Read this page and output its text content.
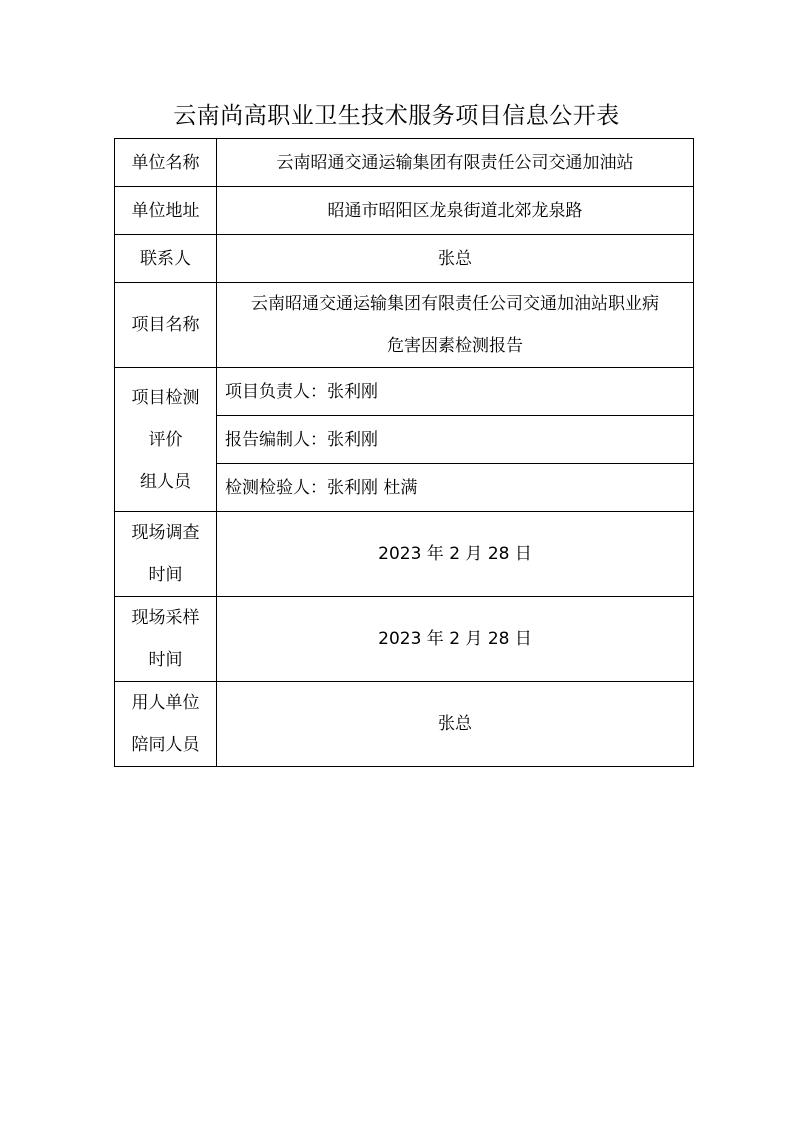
云南尚高职业卫生技术服务项目信息公开表
单位名称	云南昭通交通运输集团有限责任公司交通加油站
单位地址	昭通市昭阳区龙泉街道北郊龙泉路
联系人	张总
项目名称	云南昭通交通运输集团有限责任公司交通加油站职业病
危害因素检测报告

项目检测
评价
组人员	项目负责人：张利刚
	报告编制人：张利刚
	检测检验人：张利刚 杜满

现场调查
时间	2023 年 2 月 28 日

现场采样
时间	2023 年 2 月 28 日

用人单位
陪同人员	张总
